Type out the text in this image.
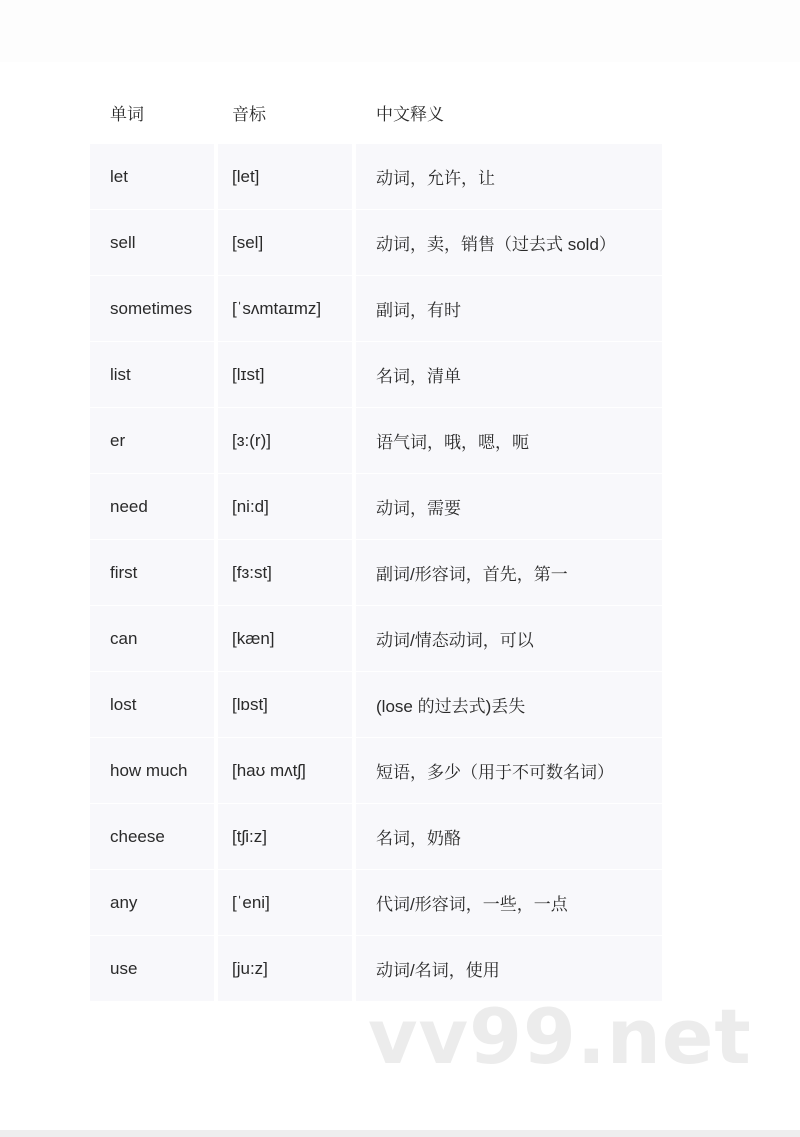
单词	音标	中文释义
let	[let]	动词，允许，让
sell	[sel]	动词，卖，销售（过去式 sold）
sometimes	[ˈsʌmtaɪmz]	副词，有时
list	[lɪst]	名词，清单
er	[ɜ:(r)]	语气词，哦，嗯，呃
need	[ni:d]	动词，需要
first	[fɜ:st]	副词/形容词，首先，第一
can	[kæn]	动词/情态动词，可以
lost	[lɒst]	(lose 的过去式)丢失
how much	[haʊ mʌtʃ]	短语，多少（用于不可数名词）
cheese	[tʃi:z]	名词，奶酪
any	[ˈeni]	代词/形容词，一些，一点
use	[ju:z]	动词/名词，使用
vv99.net
